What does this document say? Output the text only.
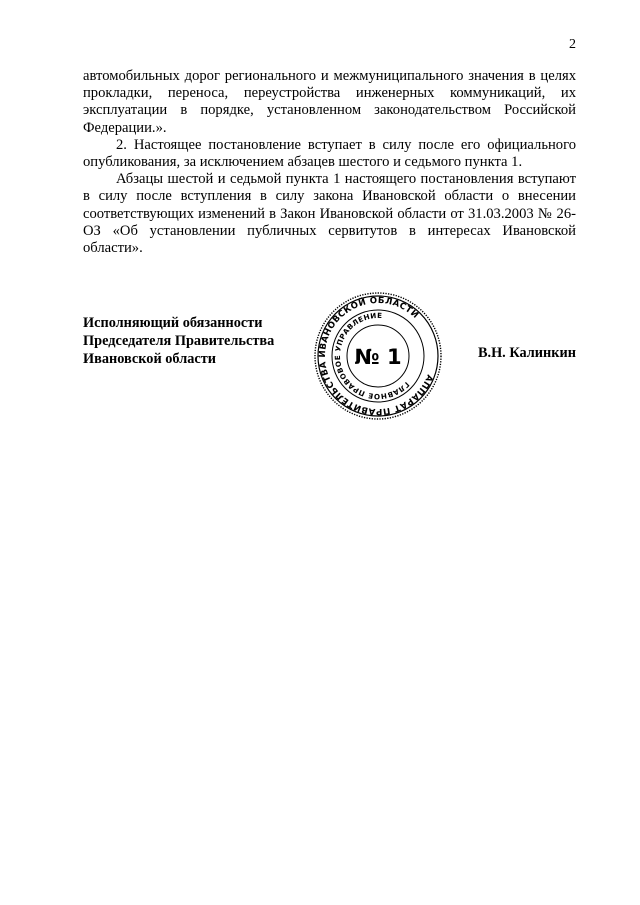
2

автомобильных дорог регионального и межмуниципального значения в целях прокладки, переноса, переустройства инженерных коммуникаций, их эксплуатации в порядке, установленном законодательством Российской Федерации.».

2. Настоящее постановление вступает в силу после его официального опубликования, за исключением абзацев шестого и седьмого пункта 1.

Абзацы шестой и седьмой пункта 1 настоящего постановления вступают в силу после вступления в силу закона Ивановской области о внесении соответствующих изменений в Закон Ивановской области от 31.03.2003 № 26-ОЗ «Об установлении публичных сервитутов в интересах Ивановской области».

Исполняющий обязанности
Председателя Правительства
Ивановской области
АППАРАТ ПРАВИТЕЛЬСТВА ИВАНОВСКОЙ ОБЛАСТИ
ГЛАВНОЕ ПРАВОВОЕ УПРАВЛЕНИЕ
№ 1	В.Н. Калинкин
